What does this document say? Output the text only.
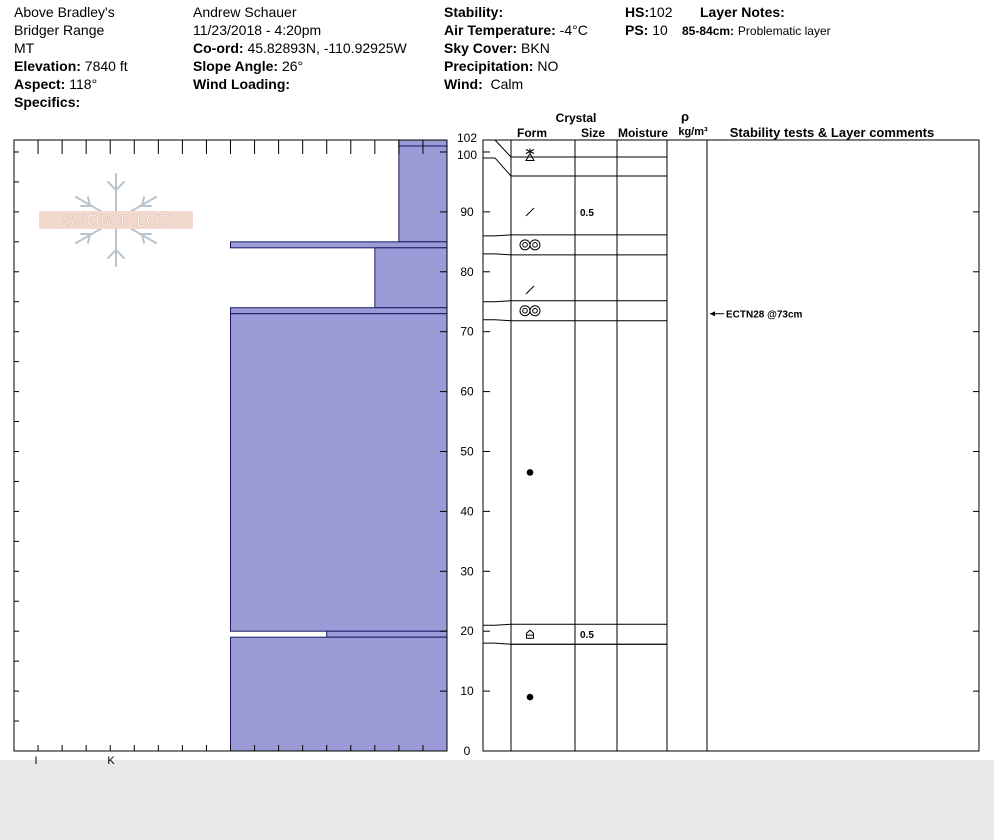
Above Bradley's
Bridger Range
MT
Elevation: 7840 ft
Aspect: 118°
Specifics:
Andrew Schauer
11/23/2018 - 4:20pm
Co-ord: 45.82893N, -110.92925W
Slope Angle: 26°
Wind Loading:
Stability:
Air Temperature: -4°C
Sky Cover: BKN
Precipitation: NO
Wind: Calm
HS:102
PS: 10
Layer Notes:
85-84cm: Problematic layer
SNOW PILOT
0
10
20
30
40
50
60
70
80
90
100
102
I	K
Crystal
Form	Size Moisture
ρ
kg/m³ Stability tests & Layer comments
0.5
0.5
ECTN28 @73cm
